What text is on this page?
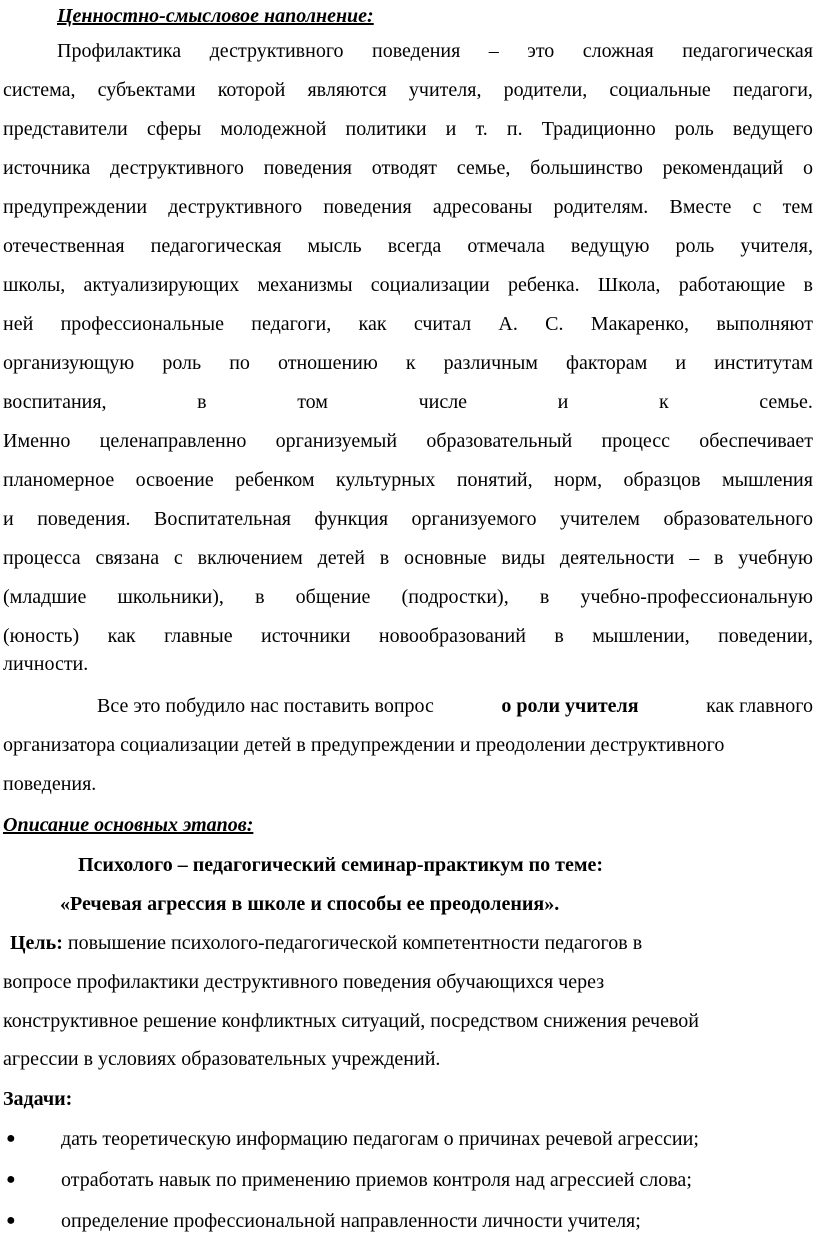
Ценностно-смысловое наполнение:
Профилактика деструктивного поведения – это сложная педагогическая
система, субъектами которой являются учителя, родители, социальные педагоги,
представители сферы молодежной политики и т. п. Традиционно роль ведущего
источника деструктивного поведения отводят семье, большинство рекомендаций о
предупреждении деструктивного поведения адресованы родителям. Вместе с тем
отечественная педагогическая мысль всегда отмечала ведущую роль учителя,
школы, актуализирующих механизмы социализации ребенка. Школа, работающие в
ней профессиональные педагоги, как считал А. С. Макаренко, выполняют
организующую роль по отношению к различным факторам и институтам
воспитания,	в	том	числе	и	к	семье.
Именно целенаправленно организуемый образовательный процесс обеспечивает
планомерное освоение ребенком культурных понятий, норм, образцов мышления
и поведения. Воспитательная функция организуемого учителем образовательного
процесса связана с включением детей в основные виды деятельности – в учебную
(младшие школьники), в общение (подростки), в учебно-профессиональную
(юность) как главные источники новообразований в мышлении, поведении,
личности.
Все это побудило нас поставить вопрос	о роли учителя	как главного
организатора социализации детей в предупреждении и преодолении деструктивного
поведения.
Описание основных этапов:
Психолого – педагогический семинар-практикум по теме:
«Речевая агрессия в школе и способы ее преодоления».
Цель: повышение психолого-педагогической компетентности педагогов в
вопросе профилактики деструктивного поведения обучающихся через
конструктивное решение конфликтных ситуаций, посредством снижения речевой
агрессии в условиях образовательных учреждений.
Задачи:
●	дать теоретическую информацию педагогам о причинах речевой агрессии;
●	отработать навык по применению приемов контроля над агрессией слова;
●	определение профессиональной направленности личности учителя;
